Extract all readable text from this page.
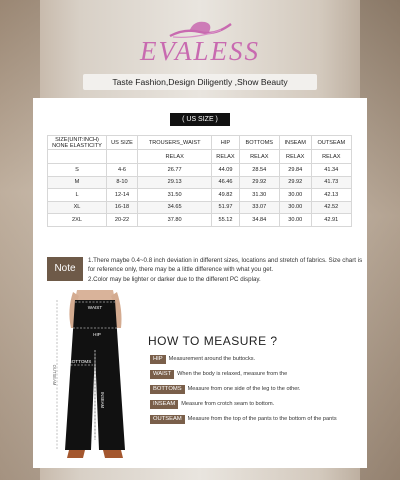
EVALESS
Taste Fashion,Design Diligently ,Show Beauty
( US SIZE )
SIZE(UNIT:INCH)
NONE ELASTICITY	US SIZE	TROUSERS_WAIST	HIP	BOTTOMS	INSEAM	OUTSEAM
		RELAX	RELAX	RELAX	RELAX	RELAX
S	4-6	26.77	44.09	28.54	29.84	41.34
M	8-10	29.13	46.46	29.92	29.92	41.73
L	12-14	31.50	49.82	31.30	30.00	42.13
XL	16-18	34.65	51.97	33.07	30.00	42.52
2XL	20-22	37.80	55.12	34.84	30.00	42.91
Note

1.There maybe 0.4~0.8 inch deviation in different sizes, locations and stretch of fabrics. Size chart is for reference only, there may be a little difference with what you get.

2.Color may be lighter or darker due to the different PC display.

WAIST
HIP
BOTTOMS
INSEAM
OUTSEAM
HOW TO MEASURE ?
HIP Measurement around the buttocks.
WAIST When the body is relaxed, measure from the
BOTTOMS Measure from one side of the leg to the other.
INSEAM Measure from crotch seam to bottom.
OUTSEAM Measure from the top of the pants to the bottom of the pants
